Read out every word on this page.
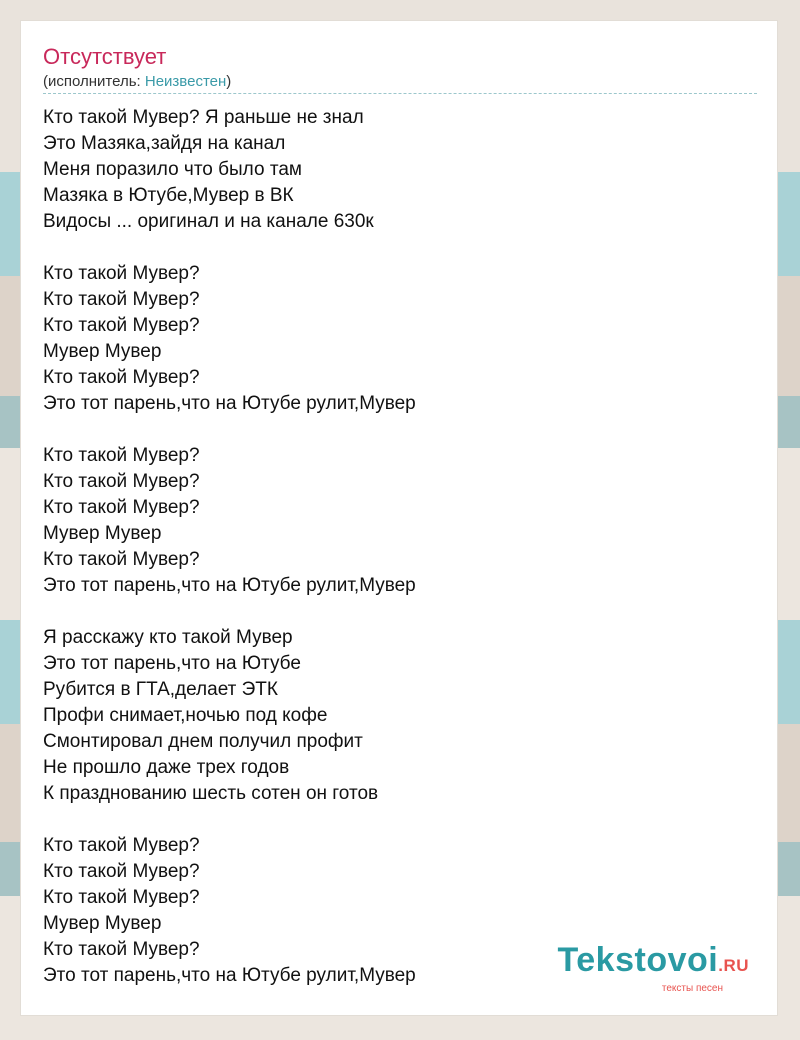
Отсутствует
(исполнитель: Неизвестен)

Кто такой Мувер? Я раньше не знал
Это Мазяка,зайдя на канал
Меня поразило что было там
Мазяка в Ютубе,Мувер в ВК
Видосы ... оригинал и на канале 630к

Кто такой Мувер?
Кто такой Мувер?
Кто такой Мувер?
Мувер Мувер
Кто такой Мувер?
Это тот парень,что на Ютубе рулит,Мувер

Кто такой Мувер?
Кто такой Мувер?
Кто такой Мувер?
Мувер Мувер
Кто такой Мувер?
Это тот парень,что на Ютубе рулит,Мувер

Я расскажу кто такой Мувер
Это тот парень,что на Ютубе
Рубится в ГТА,делает ЭТК
Профи снимает,ночью под кофе
Смонтировал днем получил профит
Не прошло даже трех годов
К празднованию шесть сотен он готов

Кто такой Мувер?
Кто такой Мувер?
Кто такой Мувер?
Мувер Мувер
Кто такой Мувер?
Это тот парень,что на Ютубе рулит,Мувер	Tekstovoi.RU
тексты песен
